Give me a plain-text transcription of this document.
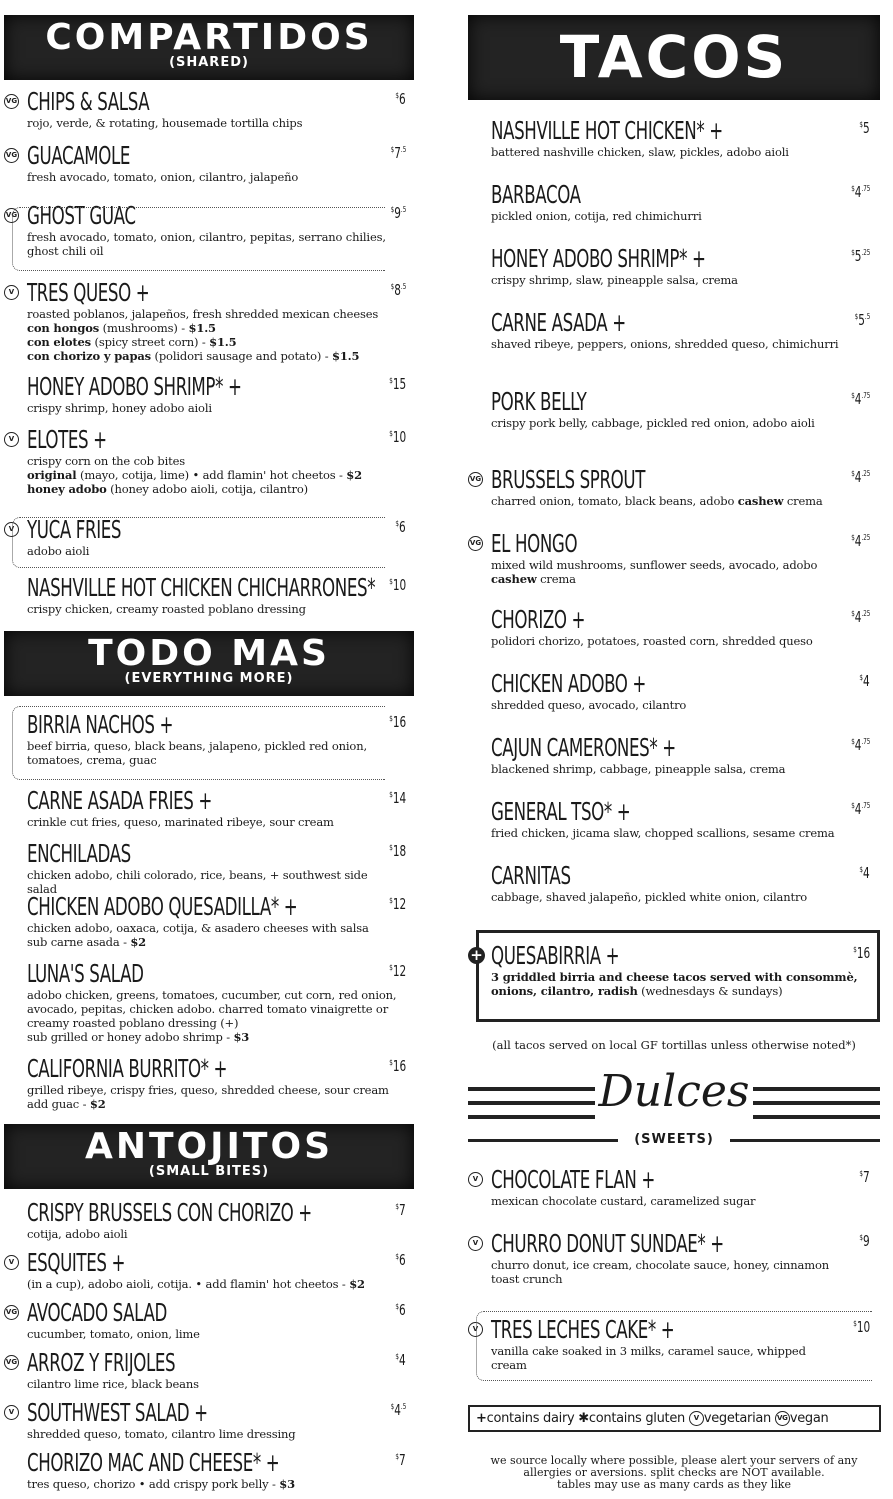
COMPARTIDOS
(SHARED)
VG CHIPS & SALSA
rojo, verde, & rotating, housemade tortilla chips
$6
VG GUACAMOLE
fresh avocado, tomato, onion, cilantro, jalapeño
$^{\$}7^{.5}$
VG GHOST GUAC
fresh avocado, tomato, onion, cilantro, pepitas, serrano chilies, ghost chili oil
$^{\$}9^{.5}$
V TRES QUESO +
roasted poblanos, jalapeños, fresh shredded mexican cheeses
con hongos (mushrooms) - $1.5
con elotes (spicy street corn) - $1.5
con chorizo y papas (polidori sausage and potato) - $1.5
$^{\$}8^{.5}$
HONEY ADOBO SHRIMP* +
crispy shrimp, honey adobo aioli
$15
V ELOTES +
crispy corn on the cob bites
original (mayo, cotija, lime) • add flamin' hot cheetos - $2
honey adobo (honey adobo aioli, cotija, cilantro)
$10
V YUCA FRIES
adobo aioli
$6
NASHVILLE HOT CHICKEN CHICHARRONES*
crispy chicken, creamy roasted poblano dressing
$10
TODO MAS
(EVERYTHING MORE)
BIRRIA NACHOS +
beef birria, queso, black beans, jalapeno, pickled red onion, tomatoes, crema, guac
$16
CARNE ASADA FRIES +
crinkle cut fries, queso, marinated ribeye, sour cream
$14
ENCHILADAS
chicken adobo, chili colorado, rice, beans, + southwest side salad
$18
CHICKEN ADOBO QUESADILLA* +
chicken adobo, oaxaca, cotija, & asadero cheeses with salsa
sub carne asada - $2
$12
LUNA'S SALAD
adobo chicken, greens, tomatoes, cucumber, cut corn, red onion, avocado, pepitas, chicken adobo. charred tomato vinaigrette or creamy roasted poblano dressing (+)
sub grilled or honey adobo shrimp - $3
$12
CALIFORNIA BURRITO* +
grilled ribeye, crispy fries, queso, shredded cheese, sour cream
add guac - $2
$16
ANTOJITOS
(SMALL BITES)
CRISPY BRUSSELS CON CHORIZO +
cotija, adobo aioli
$7
V ESQUITES +
(in a cup), adobo aioli, cotija. • add flamin' hot cheetos - $2
$6
VG AVOCADO SALAD
cucumber, tomato, onion, lime
$6
VG ARROZ Y FRIJOLES
cilantro lime rice, black beans
$4
V SOUTHWEST SALAD +
shredded queso, tomato, cilantro lime dressing
$^{\$}4^{.5}$
CHORIZO MAC AND CHEESE* +
tres queso, chorizo • add crispy pork belly - $3
$7
TACOS
NASHVILLE HOT CHICKEN* +
battered nashville chicken, slaw, pickles, adobo aioli
$5
BARBACOA
pickled onion, cotija, red chimichurri
$^{\$}4^{.75}$
HONEY ADOBO SHRIMP* +
crispy shrimp, slaw, pineapple salsa, crema
$^{\$}5^{.25}$
CARNE ASADA +
shaved ribeye, peppers, onions, shredded queso, chimichurri
$^{\$}5^{.5}$
PORK BELLY
crispy pork belly, cabbage, pickled red onion, adobo aioli
$^{\$}4^{.75}$
VG BRUSSELS SPROUT
charred onion, tomato, black beans, adobo cashew crema
$^{\$}4^{.25}$
VG EL HONGO
mixed wild mushrooms, sunflower seeds, avocado, adobo cashew crema
$^{\$}4^{.25}$
CHORIZO +
polidori chorizo, potatoes, roasted corn, shredded queso
$^{\$}4^{.25}$
CHICKEN ADOBO +
shredded queso, avocado, cilantro
$4
CAJUN CAMERONES* +
blackened shrimp, cabbage, pineapple salsa, crema
$^{\$}4^{.75}$
GENERAL TSO* +
fried chicken, jicama slaw, chopped scallions, sesame crema
$^{\$}4^{.75}$
CARNITAS
cabbage, shaved jalapeño, pickled white onion, cilantro
$4
+ QUESABIRRIA +
3 griddled birria and cheese tacos served with consommè, onions, cilantro, radish (wednesdays & sundays)
$16
(all tacos served on local GF tortillas unless otherwise noted*)
Dulces
(SWEETS)
V CHOCOLATE FLAN +
mexican chocolate custard, caramelized sugar
$7
V CHURRO DONUT SUNDAE* +
churro donut, ice cream, chocolate sauce, honey, cinnamon toast crunch
$9
V TRES LECHES CAKE* +
vanilla cake soaked in 3 milks, caramel sauce, whipped cream
$10
+contains dairy ✱contains gluten V vegetarian VG vegan
we source locally where possible, please alert your servers of any
allergies or aversions. split checks are NOT available.
tables may use as many cards as they like
